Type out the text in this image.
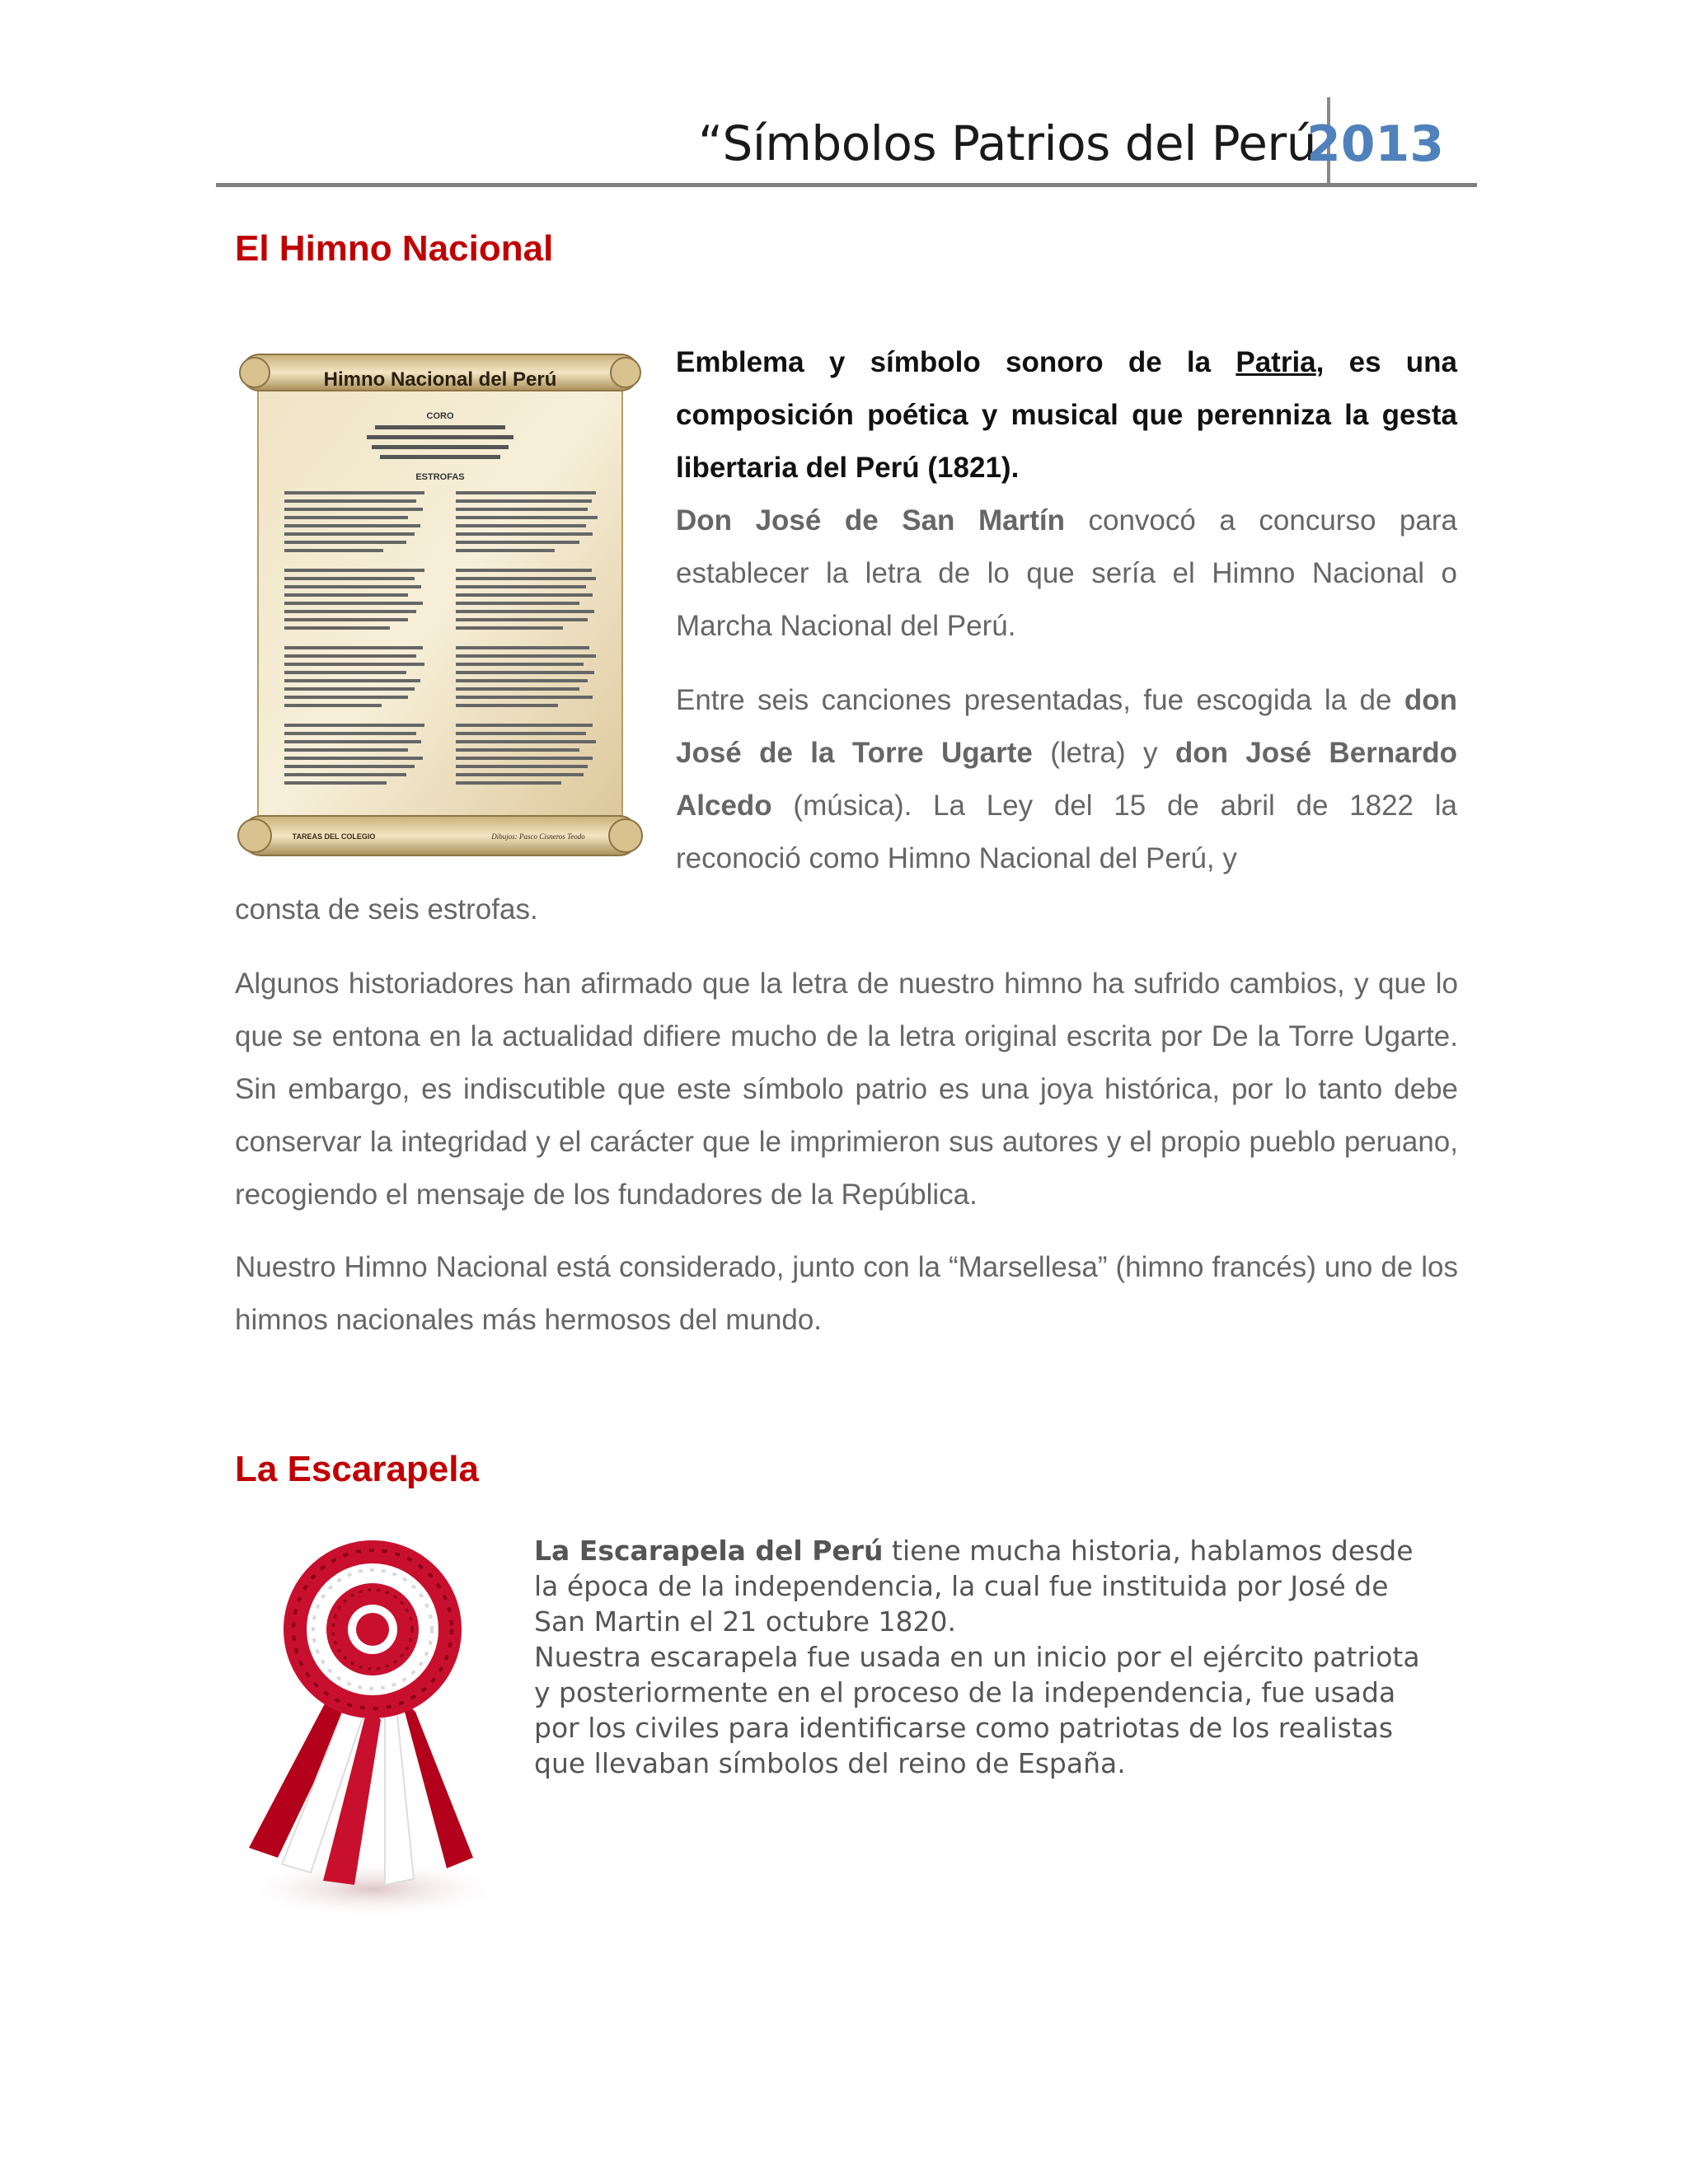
“Símbolos Patrios del Perú
2013
El Himno Nacional
Himno Nacional del Perú
CORO
ESTROFAS
TAREAS DEL COLEGIO	Dibujos: Pasco Cisneros Teodo

Emblema y símbolo sonoro de la Patria, es una composición poética y musical que perenniza la gesta libertaria del Perú (1821).
Don José de San Martín convocó a concurso para establecer la letra de lo que sería el Himno Nacional o Marcha Nacional del Perú.

Entre seis canciones presentadas, fue escogida la de don José de la Torre Ugarte (letra) y don José Bernardo Alcedo (música). La Ley del 15 de abril de 1822 la reconoció como Himno Nacional del Perú, y

consta de seis estrofas.

Algunos historiadores han afirmado que la letra de nuestro himno ha sufrido cambios, y que lo que se entona en la actualidad difiere mucho de la letra original escrita por De la Torre Ugarte. Sin embargo, es indiscutible que este símbolo patrio es una joya histórica, por lo tanto debe conservar la integridad y el carácter que le imprimieron sus autores y el propio pueblo peruano, recogiendo el mensaje de los fundadores de la República.

Nuestro Himno Nacional está considerado, junto con la “Marsellesa” (himno francés) uno de los himnos nacionales más hermosos del mundo.

La Escarapela

La Escarapela del Perú tiene mucha historia, hablamos desde la época de la independencia, la cual fue instituida por José de San Martin el 21 octubre 1820.
Nuestra escarapela fue usada en un inicio por el ejército patriota y posteriormente en el proceso de la independencia, fue usada por los civiles para identificarse como patriotas de los realistas que llevaban símbolos del reino de España.
